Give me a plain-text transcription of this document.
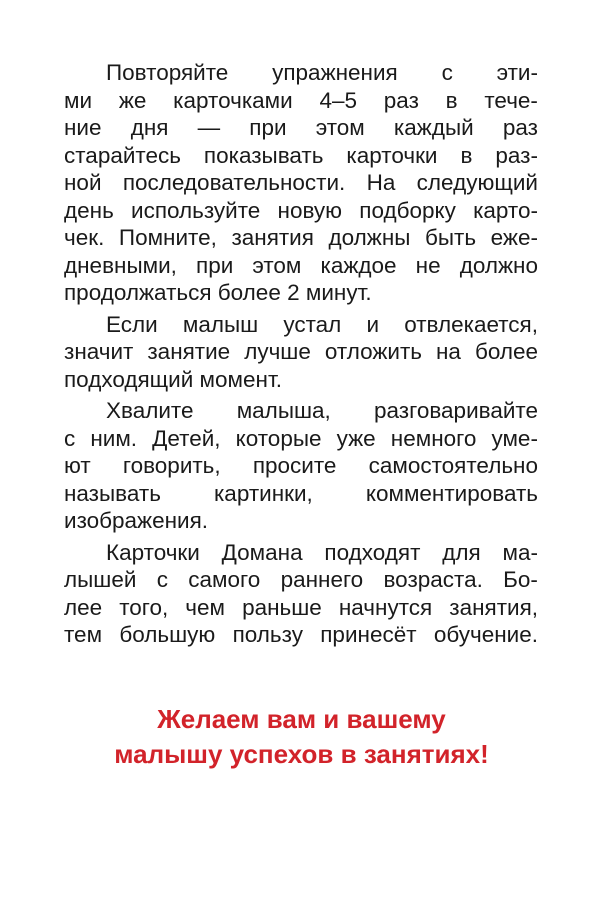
Повторяйте упражнения с эти-
ми же карточками 4–5 раз в тече-
ние дня — при этом каждый раз
старайтесь показывать карточки в раз-
ной последовательности. На следующий
день используйте новую подборку карто-
чек. Помните, занятия должны быть еже-
дневными, при этом каждое не должно
продолжаться более 2 минут.
Если малыш устал и отвлекается,
значит занятие лучше отложить на более
подходящий момент.
Хвалите малыша, разговаривайте
с ним. Детей, которые уже немного уме-
ют говорить, просите самостоятельно
называть картинки, комментировать
изображения.
Карточки Домана подходят для ма-
лышей с самого раннего возраста. Бо-
лее того, чем раньше начнутся занятия,
тем большую пользу принесёт обучение.
Желаем вам и вашему
малышу успехов в занятиях!
